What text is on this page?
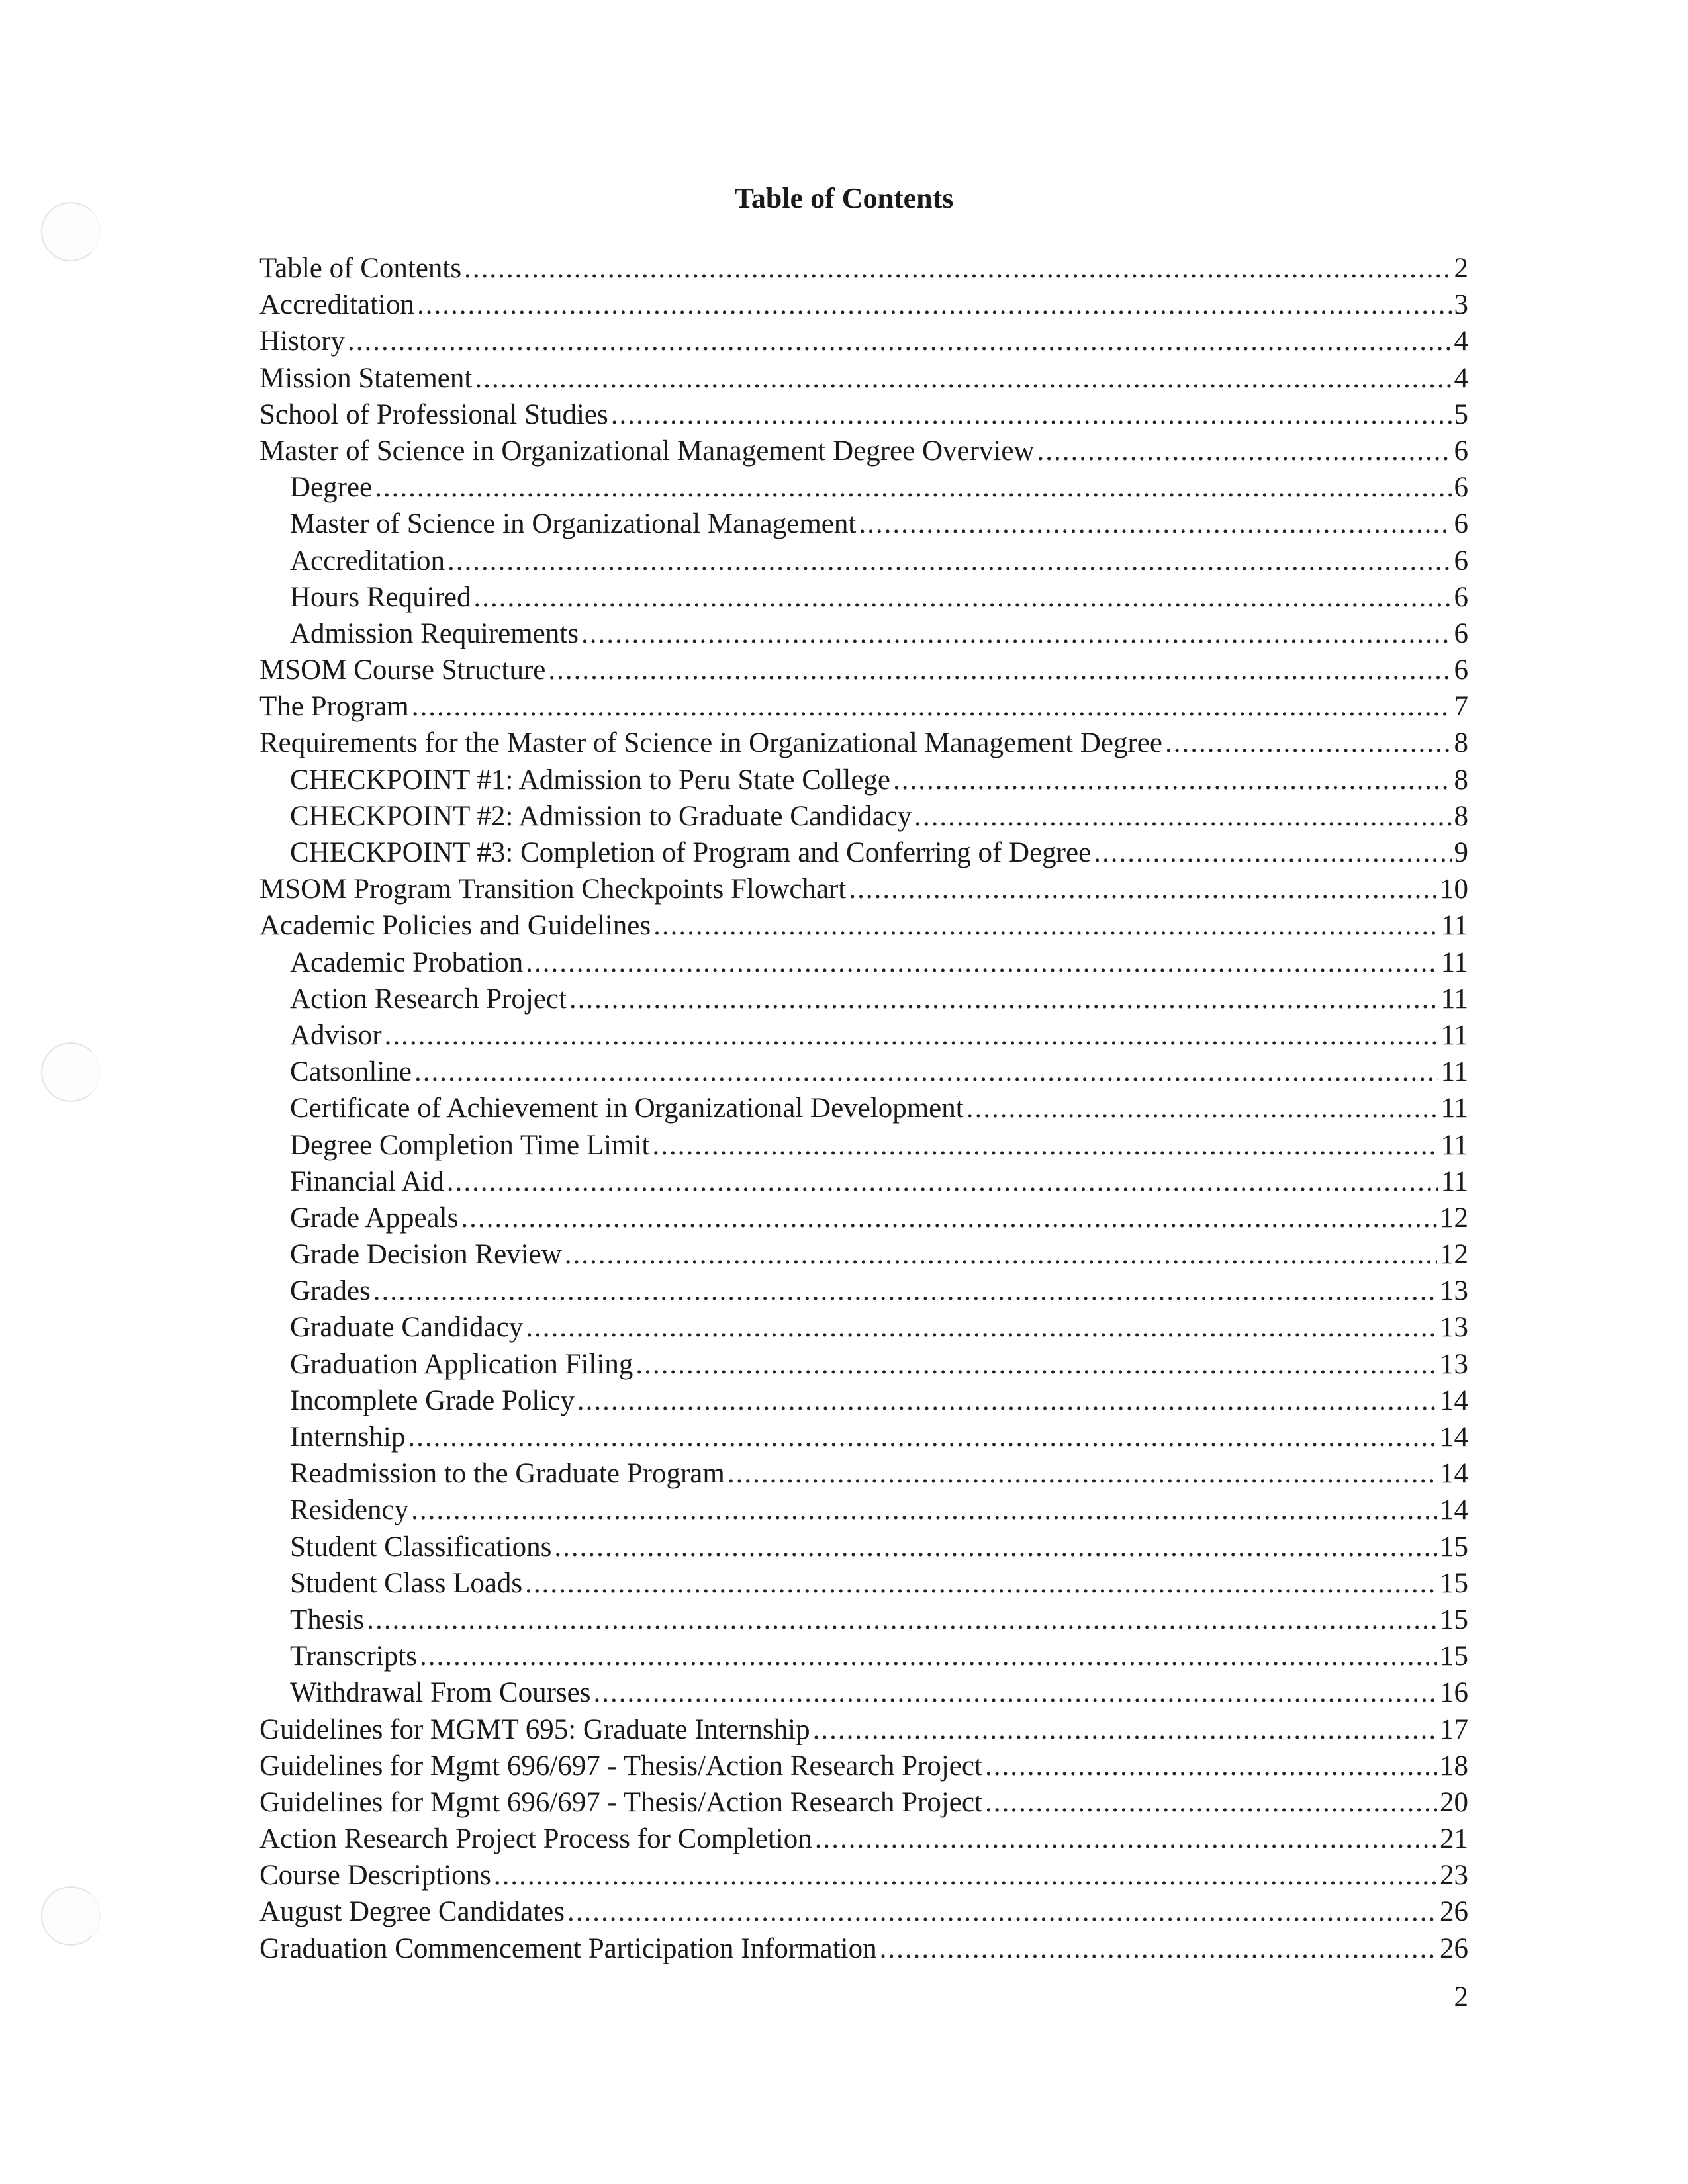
Table of Contents
Table of Contents .....	2
Accreditation .....	3
History .....	4
Mission Statement .....	4
School of Professional Studies .....	5
Master of Science in Organizational Management Degree Overview .....	6
Degree .....	6
Master of Science in Organizational Management .....	6
Accreditation .....	6
Hours Required .....	6
Admission Requirements .....	6
MSOM Course Structure .....	6
The Program .....	7
Requirements for the Master of Science in Organizational Management Degree .....	8
CHECKPOINT #1: Admission to Peru State College .....	8
CHECKPOINT #2: Admission to Graduate Candidacy .....	8
CHECKPOINT #3: Completion of Program and Conferring of Degree .....	9
MSOM Program Transition Checkpoints Flowchart .....	10
Academic Policies and Guidelines .....	11
Academic Probation .....	11
Action Research Project .....	11
Advisor .....	11
Catsonline .....	11
Certificate of Achievement in Organizational Development .....	11
Degree Completion Time Limit .....	11
Financial Aid .....	11
Grade Appeals .....	12
Grade Decision Review .....	12
Grades .....	13
Graduate Candidacy .....	13
Graduation Application Filing .....	13
Incomplete Grade Policy .....	14
Internship .....	14
Readmission to the Graduate Program .....	14
Residency .....	14
Student Classifications .....	15
Student Class Loads .....	15
Thesis .....	15
Transcripts .....	15
Withdrawal From Courses .....	16
Guidelines for MGMT 695: Graduate Internship .....	17
Guidelines for Mgmt 696/697 - Thesis/Action Research Project .....	18
Guidelines for Mgmt 696/697 - Thesis/Action Research Project .....	20
Action Research Project Process for Completion .....	21
Course Descriptions .....	23
August Degree Candidates .....	26
Graduation Commencement Participation Information .....	26
2
